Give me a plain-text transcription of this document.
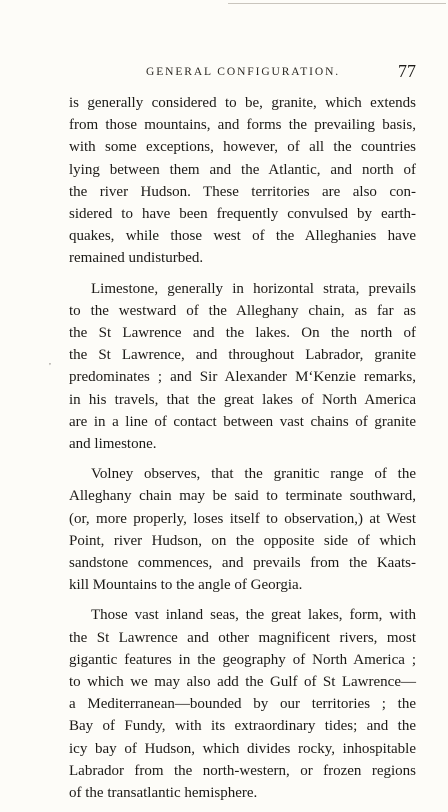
GENERAL CONFIGURATION.	77
,

is generally considered to be, granite, which extends
from those mountains, and forms the prevailing basis,
with some exceptions, however, of all the countries
lying between them and the Atlantic, and north of
the river Hudson. These territories are also con-
sidered to have been frequently convulsed by earth-
quakes, while those west of the Alleghanies have
remained undisturbed.

Limestone, generally in horizontal strata, prevails
to the westward of the Alleghany chain, as far as
the St Lawrence and the lakes. On the north of
the St Lawrence, and throughout Labrador, granite
predominates ; and Sir Alexander M‘Kenzie remarks,
in his travels, that the great lakes of North America
are in a line of contact between vast chains of granite
and limestone.

Volney observes, that the granitic range of the
Alleghany chain may be said to terminate southward,
(or, more properly, loses itself to observation,) at West
Point, river Hudson, on the opposite side of which
sandstone commences, and prevails from the Kaats-
kill Mountains to the angle of Georgia.

Those vast inland seas, the great lakes, form, with
the St Lawrence and other magnificent rivers, most
gigantic features in the geography of North America ;
to which we may also add the Gulf of St Lawrence—
a Mediterranean—bounded by our territories ; the
Bay of Fundy, with its extraordinary tides; and the
icy bay of Hudson, which divides rocky, inhospitable
Labrador from the north-western, or frozen regions
of the transatlantic hemisphere.
